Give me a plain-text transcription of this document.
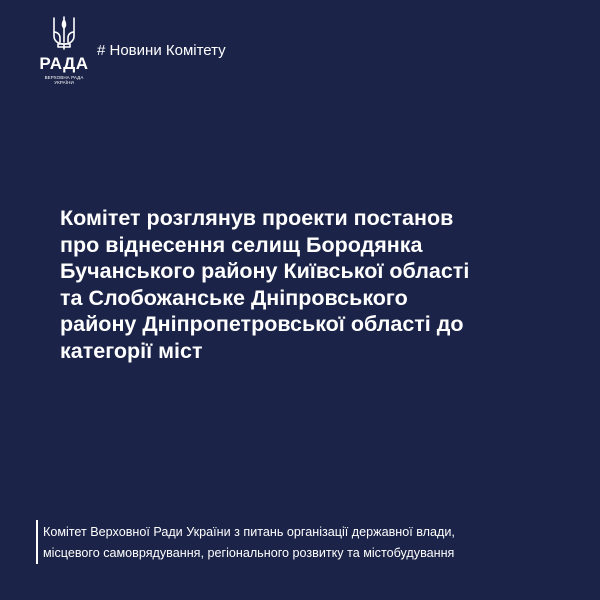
РАДА
ВЕРХОВНА РАДА
УКРАЇНИ
# Новини Комітету
Комітет розглянув проекти постанов
про віднесення селищ Бородянка
Бучанського району Київської області
та Слобожанське Дніпровського
району Дніпропетровської області до
категорії міст
Комітет Верховної Ради України з питань організації державної влади,
місцевого самоврядування, регіонального розвитку та містобудування
